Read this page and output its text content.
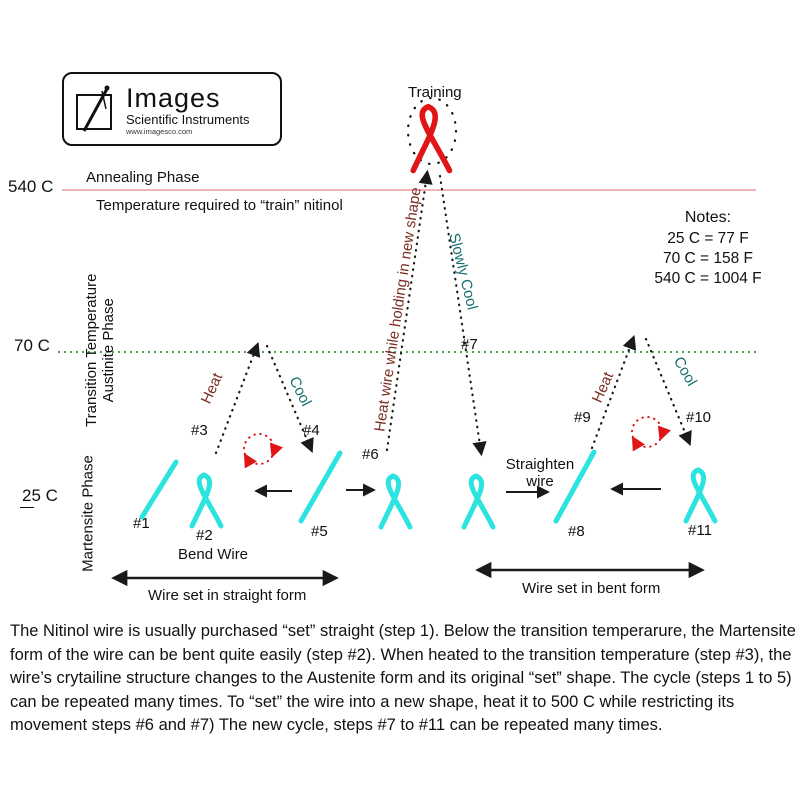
Images
Scientific Instruments
www.imagesco.com
540 C
70 C
25 C
Annealing Phase
Temperature required to “train” nitinol
Transition Temperature Austinite Phase
Martensite Phase
Notes:
25 C = 77 F
70 C = 158 F
540 C = 1004 F
Training
#1
#2
#3	#4
#5
#6
#7
#8
#9	#10
#11
Bend Wire
Heat	Cool	Heat wire while holding in new shape Slowly Cool
Straighten
wire
Heat	Cool
Wire set in straight form	Wire set in bent form
The Nitinol wire is usually purchased “set” straight (step 1). Below the transition temperarure, the Martensite form of the wire can be bent quite easily (step #2). When heated to the transition temperature (step #3), the wire’s crytailine structure changes to the Austenite form and its original “set” shape. The cycle (steps 1 to 5) can be repeated many times. To “set” the wire into a new shape, heat it to 500 C while restricting its movement steps #6 and #7) The new cycle, steps #7 to #11 can be repeated many times.
